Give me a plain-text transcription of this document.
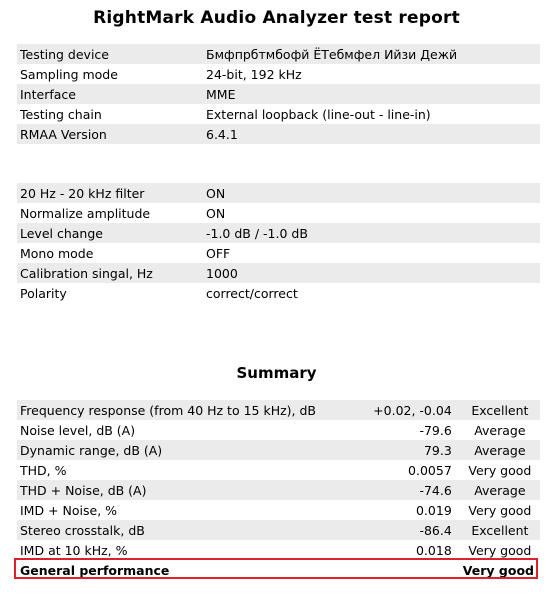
RightMark Audio Analyzer test report
Testing device	Бмфпрбтмбофй ЁТебмфел Ийзи Дежй
Sampling mode	24-bit, 192 kHz
Interface	MME
Testing chain	External loopback (line-out - line-in)
RMAA Version	6.4.1
20 Hz - 20 kHz filter	ON
Normalize amplitude	ON
Level change	-1.0 dB / -1.0 dB
Mono mode	OFF
Calibration singal, Hz	1000
Polarity	correct/correct
Summary
Frequency response (from 40 Hz to 15 kHz), dB	+0.02, -0.04	Excellent
Noise level, dB (A)	-79.6	Average
Dynamic range, dB (A)	79.3	Average
THD, %	0.0057	Very good
THD + Noise, dB (A)	-74.6	Average
IMD + Noise, %	0.019	Very good
Stereo crosstalk, dB	-86.4	Excellent
IMD at 10 kHz, %	0.018	Very good
General performance		Very good
